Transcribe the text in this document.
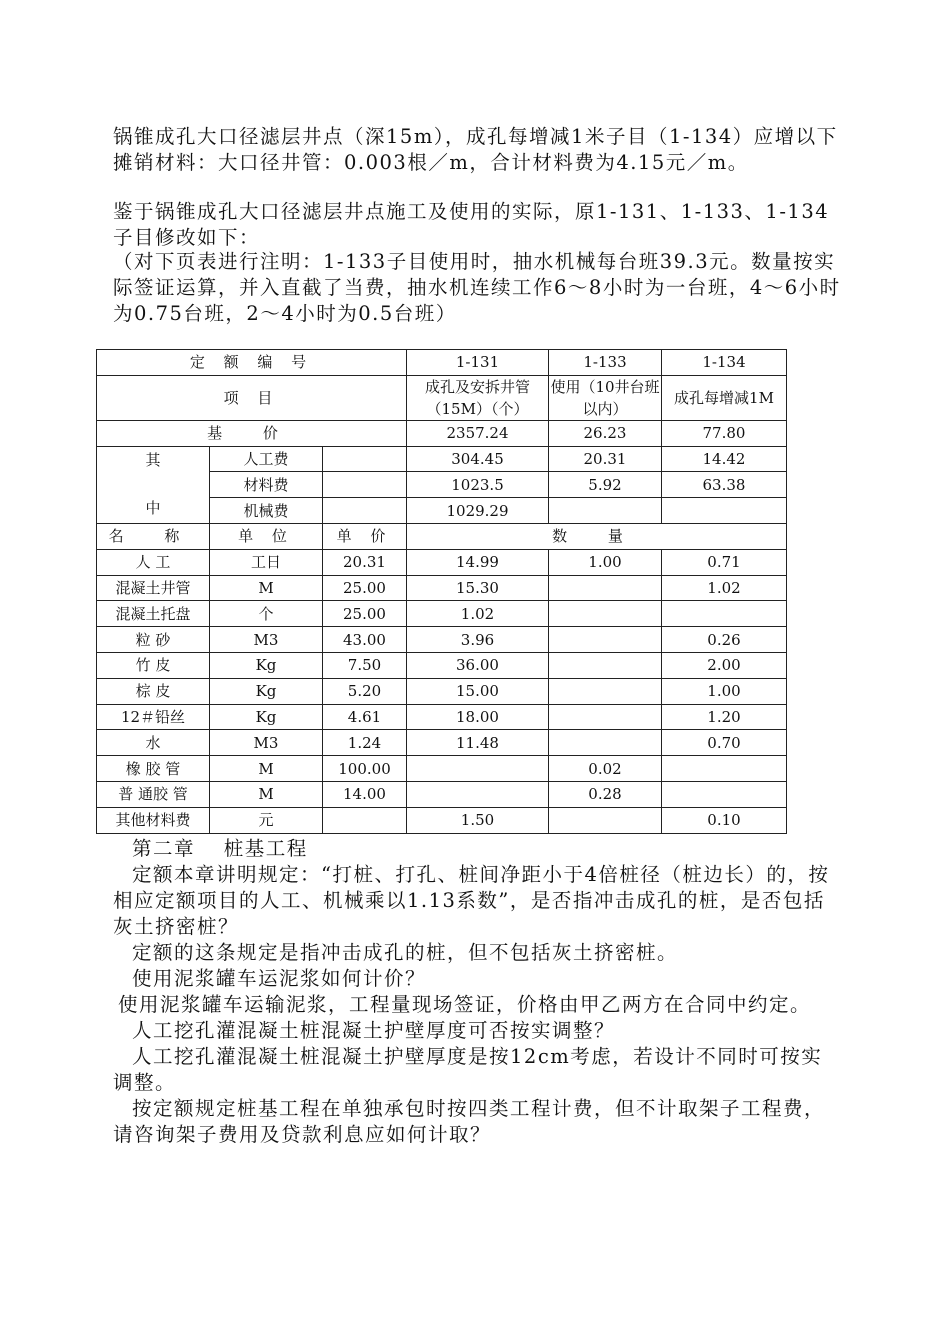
锅锥成孔大口径滤层井点（深15m），成孔每增减1米子目（1-134）应增以下摊销材料：大口径井管：0.003根／m，合计材料费为4.15元／m。

鉴于锅锥成孔大口径滤层井点施工及使用的实际，原1-131、1-133、1-134子目修改如下：

（对下页表进行注明：1-133子目使用时，抽水机械每台班39.3元。数量按实际签证运算，并入直截了当费，抽水机连续工作6～8小时为一台班，4～6小时为0.75台班，2～4小时为0.5台班）

定 额 编 号			1-131	1-133	1-134
项 目			成孔及安拆井管（15M）（个）	使用（10井台班以内）	成孔每增减1M
基 价			2357.24	26.23	77.80

其
中	人工费		304.45	20.31	14.42
	材料费		1023.5	5.92	63.38
	机械费		1029.29		
名 称	单 位	单 价	数 量		
人 工	工日	20.31	14.99	1.00	0.71
混凝土井管	M	25.00	15.30		1.02
混凝土托盘	个	25.00	1.02		
粒 砂	M3	43.00	3.96		0.26
竹 皮	Kg	7.50	36.00		2.00
棕 皮	Kg	5.20	15.00		1.00
12＃铅丝	Kg	4.61	18.00		1.20
水	M3	1.24	11.48		0.70
橡 胶 管	M	100.00		0.02	
普 通胶 管	M	14.00		0.28	
其他材料费	元		1.50		0.10

第二章　 桩基工程

定额本章讲明规定：“打桩、打孔、桩间净距小于4倍桩径（桩边长）的，按相应定额项目的人工、机械乘以1.13系数”，是否指冲击成孔的桩，是否包括灰土挤密桩？

定额的这条规定是指冲击成孔的桩，但不包括灰土挤密桩。

使用泥浆罐车运泥浆如何计价？

使用泥浆罐车运输泥浆，工程量现场签证，价格由甲乙两方在合同中约定。

人工挖孔灌混凝土桩混凝土护壁厚度可否按实调整？

人工挖孔灌混凝土桩混凝土护壁厚度是按12cm考虑，若设计不同时可按实调整。

按定额规定桩基工程在单独承包时按四类工程计费，但不计取架子工程费，请咨询架子费用及贷款利息应如何计取？
